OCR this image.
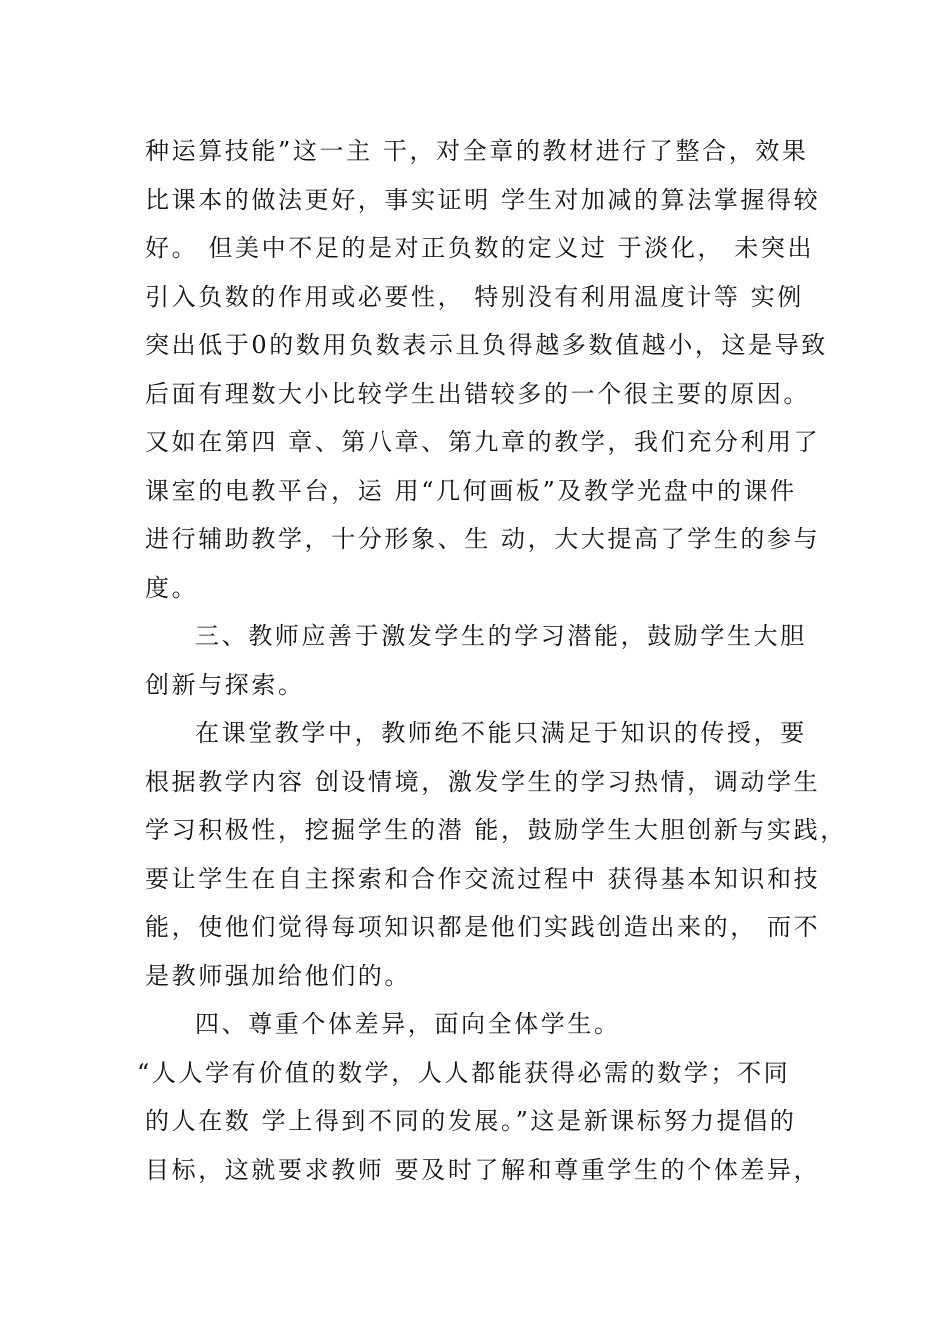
种运算技能”这一主 干，对全章的教材进行了整合，效果
比课本的做法更好，事实证明 学生对加减的算法掌握得较
好。 但美中不足的是对正负数的定义过 于淡化， 未突出
引入负数的作用或必要性， 特别没有利用温度计等 实例
突出低于0的数用负数表示且负得越多数值越小，这是导致
后面有理数大小比较学生出错较多的一个很主要的原因。
又如在第四 章、第八章、第九章的教学，我们充分利用了
课室的电教平台，运 用“几何画板”及教学光盘中的课件
进行辅助教学，十分形象、生 动，大大提高了学生的参与
度。
三、教师应善于激发学生的学习潜能，鼓励学生大胆
创新与探索。
在课堂教学中，教师绝不能只满足于知识的传授，要
根据教学内容 创设情境，激发学生的学习热情，调动学生
学习积极性，挖掘学生的潜 能，鼓励学生大胆创新与实践，
要让学生在自主探索和合作交流过程中 获得基本知识和技
能，使他们觉得每项知识都是他们实践创造出来的， 而不
是教师强加给他们的。
四、尊重个体差异，面向全体学生。
“人人学有价值的数学，人人都能获得必需的数学；不同
的人在数 学上得到不同的发展。”这是新课标努力提倡的
目标，这就要求教师 要及时了解和尊重学生的个体差异，
